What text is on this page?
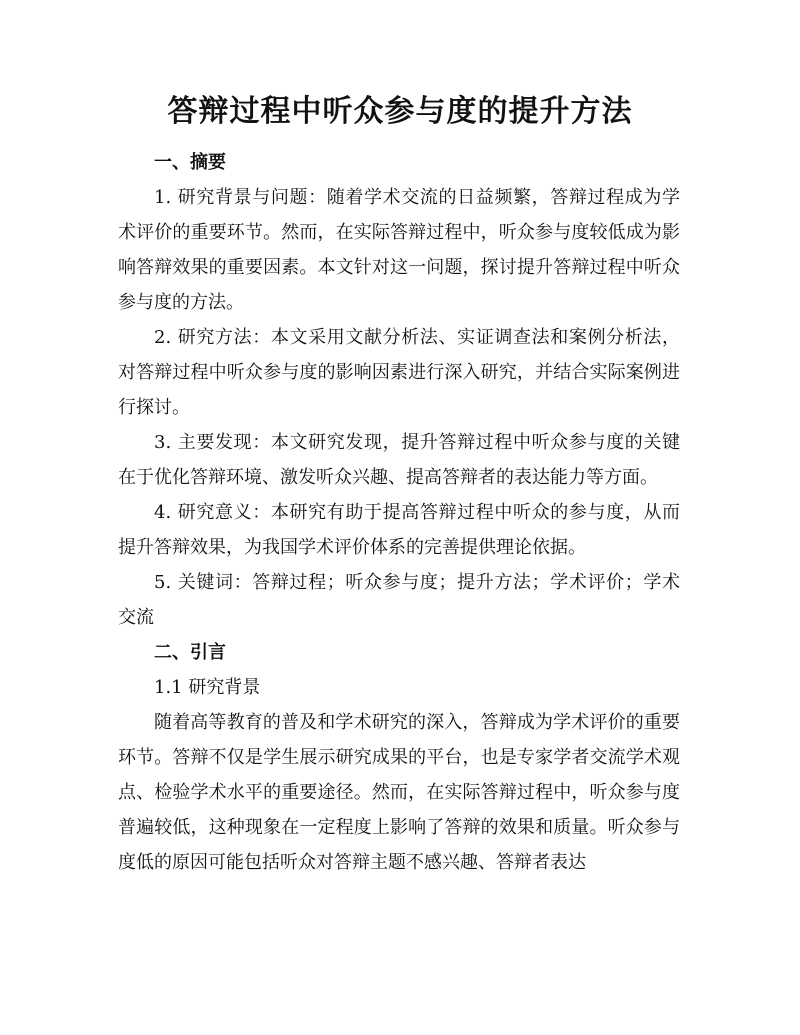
答辩过程中听众参与度的提升方法
一、摘要

1. 研究背景与问题：随着学术交流的日益频繁，答辩过程成为学术评价的重要环节。然而，在实际答辩过程中，听众参与度较低成为影响答辩效果的重要因素。本文针对这一问题，探讨提升答辩过程中听众参与度的方法。

2. 研究方法：本文采用文献分析法、实证调查法和案例分析法，对答辩过程中听众参与度的影响因素进行深入研究，并结合实际案例进行探讨。

3. 主要发现：本文研究发现，提升答辩过程中听众参与度的关键在于优化答辩环境、激发听众兴趣、提高答辩者的表达能力等方面。

4. 研究意义：本研究有助于提高答辩过程中听众的参与度，从而提升答辩效果，为我国学术评价体系的完善提供理论依据。

5. 关键词：答辩过程；听众参与度；提升方法；学术评价；学术交流

二、引言

1.1 研究背景

随着高等教育的普及和学术研究的深入，答辩成为学术评价的重要环节。答辩不仅是学生展示研究成果的平台，也是专家学者交流学术观点、检验学术水平的重要途径。然而，在实际答辩过程中，听众参与度普遍较低，这种现象在一定程度上影响了答辩的效果和质量。听众参与度低的原因可能包括听众对答辩主题不感兴趣、答辩者表达
